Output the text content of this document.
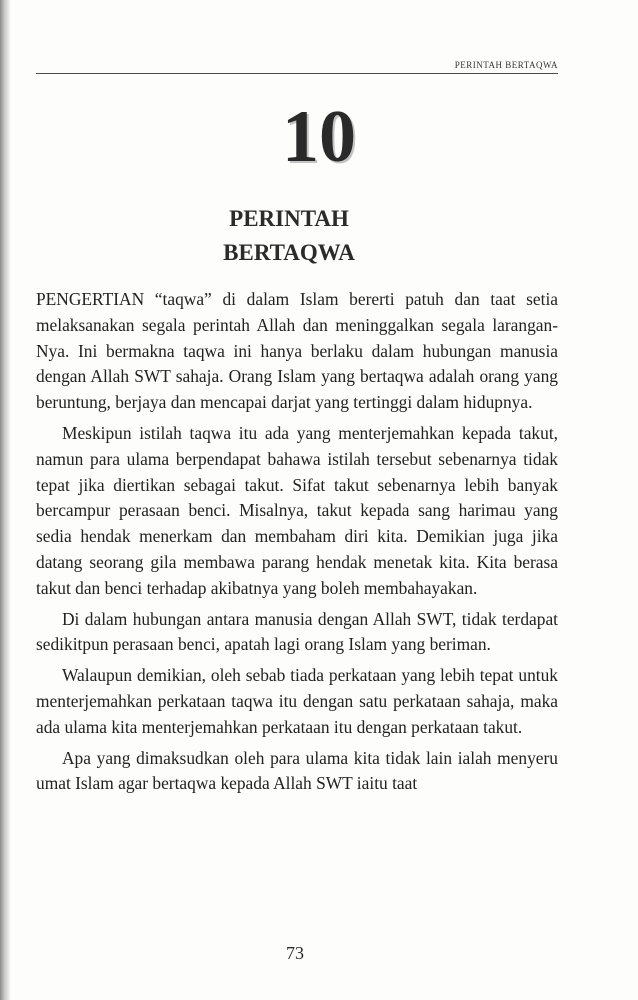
PERINTAH BERTAQWA
10
PERINTAH
BERTAQWA

PENGERTIAN “taqwa” di dalam Islam bererti patuh dan taat setia melaksanakan segala perintah Allah dan meninggalkan segala larangan-Nya. Ini bermakna taqwa ini hanya berlaku dalam hubungan manusia dengan Allah SWT sahaja. Orang Islam yang bertaqwa adalah orang yang beruntung, berjaya dan mencapai darjat yang tertinggi dalam hidupnya.

Meskipun istilah taqwa itu ada yang menterjemahkan kepada takut, namun para ulama berpendapat bahawa istilah tersebut sebenarnya tidak tepat jika diertikan sebagai takut. Sifat takut sebenarnya lebih banyak bercampur perasaan benci. Misalnya, takut kepada sang harimau yang sedia hendak menerkam dan membaham diri kita. Demikian juga jika datang seorang gila membawa parang hendak menetak kita. Kita berasa takut dan benci terhadap akibatnya yang boleh membahayakan.

Di dalam hubungan antara manusia dengan Allah SWT, tidak terdapat sedikitpun perasaan benci, apatah lagi orang Islam yang beriman.

Walaupun demikian, oleh sebab tiada perkataan yang lebih tepat untuk menterjemahkan perkataan taqwa itu dengan satu perkataan sahaja, maka ada ulama kita menterjemahkan perkataan itu dengan perkataan takut.

Apa yang dimaksudkan oleh para ulama kita tidak lain ialah menyeru umat Islam agar bertaqwa kepada Allah SWT iaitu taat

73
